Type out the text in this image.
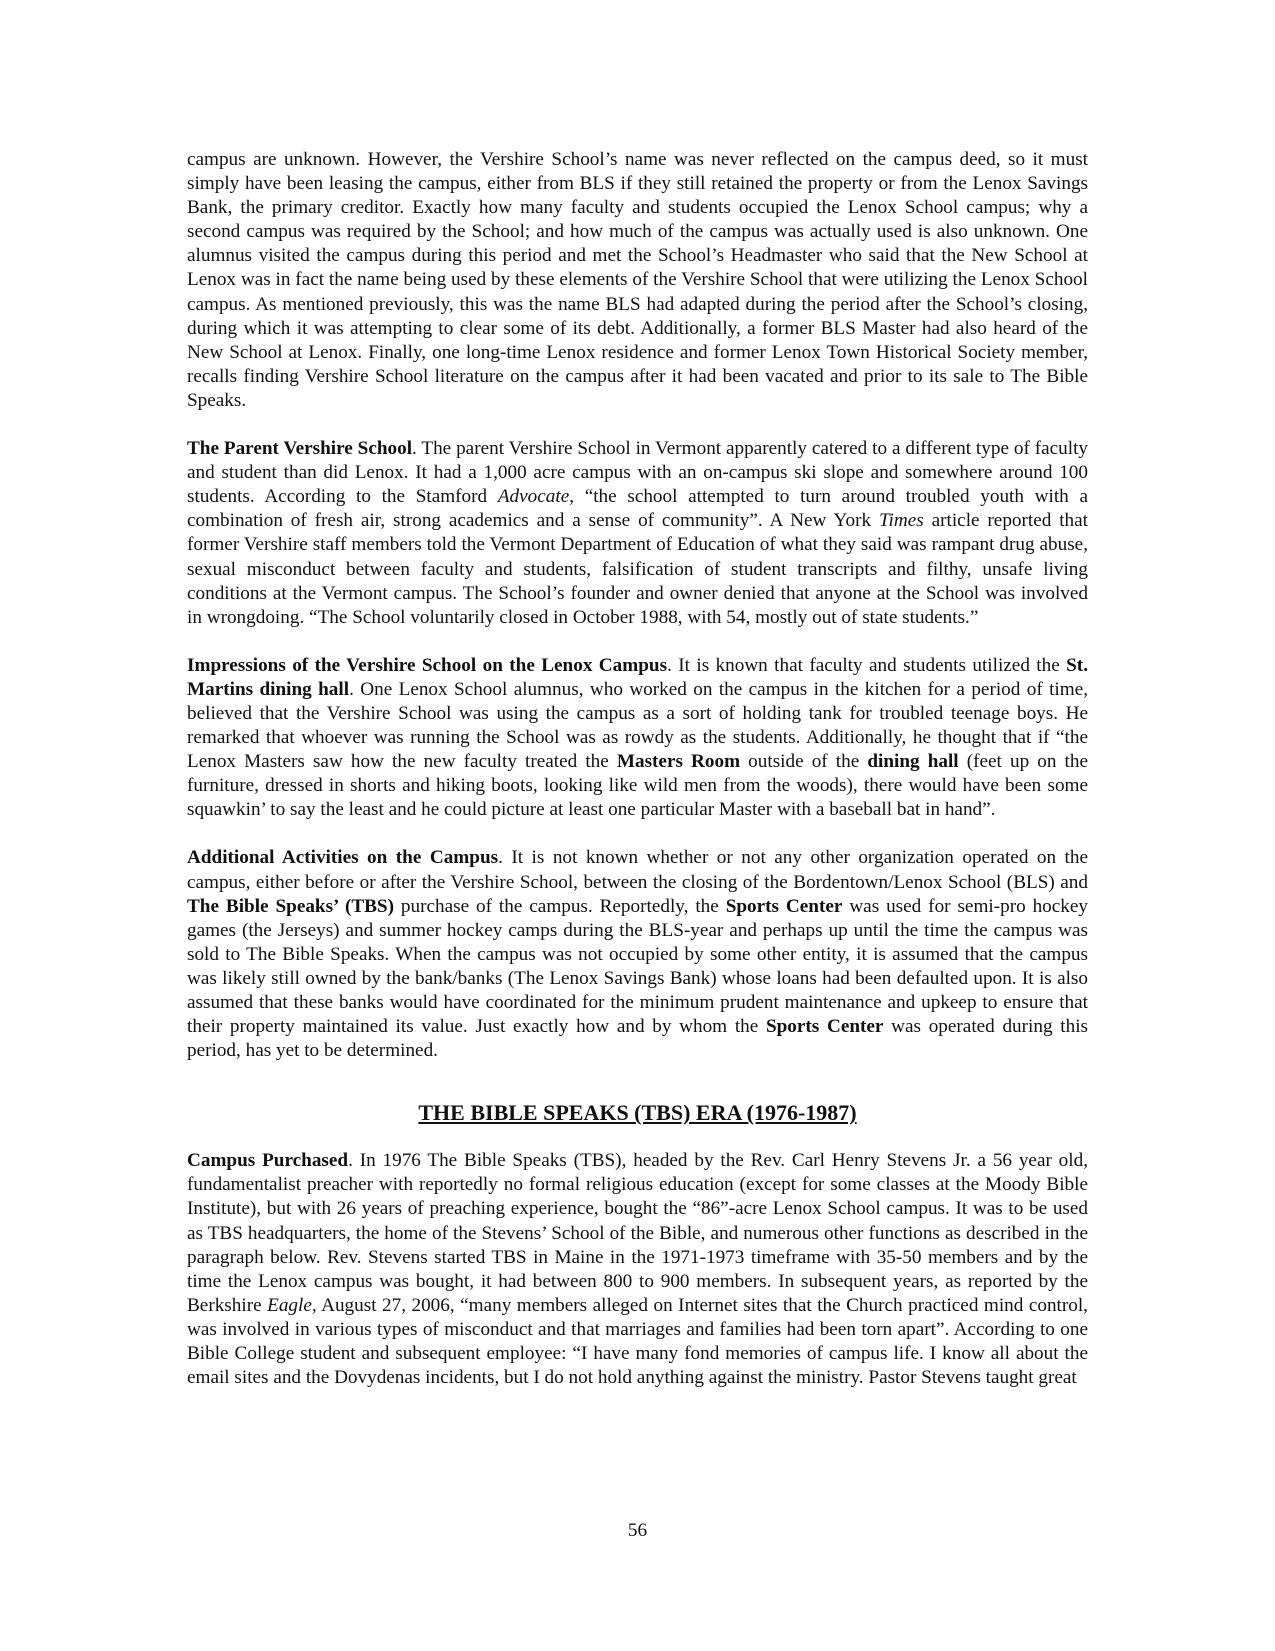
campus are unknown. However, the Vershire School’s name was never reflected on the campus deed, so it must simply have been leasing the campus, either from BLS if they still retained the property or from the Lenox Savings Bank, the primary creditor. Exactly how many faculty and students occupied the Lenox School campus; why a second campus was required by the School; and how much of the campus was actually used is also unknown. One alumnus visited the campus during this period and met the School’s Headmaster who said that the New School at Lenox was in fact the name being used by these elements of the Vershire School that were utilizing the Lenox School campus. As mentioned previously, this was the name BLS had adapted during the period after the School’s closing, during which it was attempting to clear some of its debt. Additionally, a former BLS Master had also heard of the New School at Lenox. Finally, one long-time Lenox residence and former Lenox Town Historical Society member, recalls finding Vershire School literature on the campus after it had been vacated and prior to its sale to The Bible Speaks.

The Parent Vershire School. The parent Vershire School in Vermont apparently catered to a different type of faculty and student than did Lenox. It had a 1,000 acre campus with an on-campus ski slope and somewhere around 100 students. According to the Stamford Advocate, “the school attempted to turn around troubled youth with a combination of fresh air, strong academics and a sense of community”. A New York Times article reported that former Vershire staff members told the Vermont Department of Education of what they said was rampant drug abuse, sexual misconduct between faculty and students, falsification of student transcripts and filthy, unsafe living conditions at the Vermont campus. The School’s founder and owner denied that anyone at the School was involved in wrongdoing. “The School voluntarily closed in October 1988, with 54, mostly out of state students.”

Impressions of the Vershire School on the Lenox Campus. It is known that faculty and students utilized the St. Martins dining hall. One Lenox School alumnus, who worked on the campus in the kitchen for a period of time, believed that the Vershire School was using the campus as a sort of holding tank for troubled teenage boys. He remarked that whoever was running the School was as rowdy as the students. Additionally, he thought that if “the Lenox Masters saw how the new faculty treated the Masters Room outside of the dining hall (feet up on the furniture, dressed in shorts and hiking boots, looking like wild men from the woods), there would have been some squawkin’ to say the least and he could picture at least one particular Master with a baseball bat in hand”.

Additional Activities on the Campus. It is not known whether or not any other organization operated on the campus, either before or after the Vershire School, between the closing of the Bordentown/Lenox School (BLS) and The Bible Speaks’ (TBS) purchase of the campus. Reportedly, the Sports Center was used for semi-pro hockey games (the Jerseys) and summer hockey camps during the BLS-year and perhaps up until the time the campus was sold to The Bible Speaks. When the campus was not occupied by some other entity, it is assumed that the campus was likely still owned by the bank/banks (The Lenox Savings Bank) whose loans had been defaulted upon. It is also assumed that these banks would have coordinated for the minimum prudent maintenance and upkeep to ensure that their property maintained its value. Just exactly how and by whom the Sports Center was operated during this period, has yet to be determined.

THE BIBLE SPEAKS (TBS) ERA (1976-1987)

Campus Purchased. In 1976 The Bible Speaks (TBS), headed by the Rev. Carl Henry Stevens Jr. a 56 year old, fundamentalist preacher with reportedly no formal religious education (except for some classes at the Moody Bible Institute), but with 26 years of preaching experience, bought the “86”-acre Lenox School campus. It was to be used as TBS headquarters, the home of the Stevens’ School of the Bible, and numerous other functions as described in the paragraph below. Rev. Stevens started TBS in Maine in the 1971-1973 timeframe with 35-50 members and by the time the Lenox campus was bought, it had between 800 to 900 members. In subsequent years, as reported by the Berkshire Eagle, August 27, 2006, “many members alleged on Internet sites that the Church practiced mind control, was involved in various types of misconduct and that marriages and families had been torn apart”. According to one Bible College student and subsequent employee: “I have many fond memories of campus life. I know all about the email sites and the Dovydenas incidents, but I do not hold anything against the ministry. Pastor Stevens taught great

56
